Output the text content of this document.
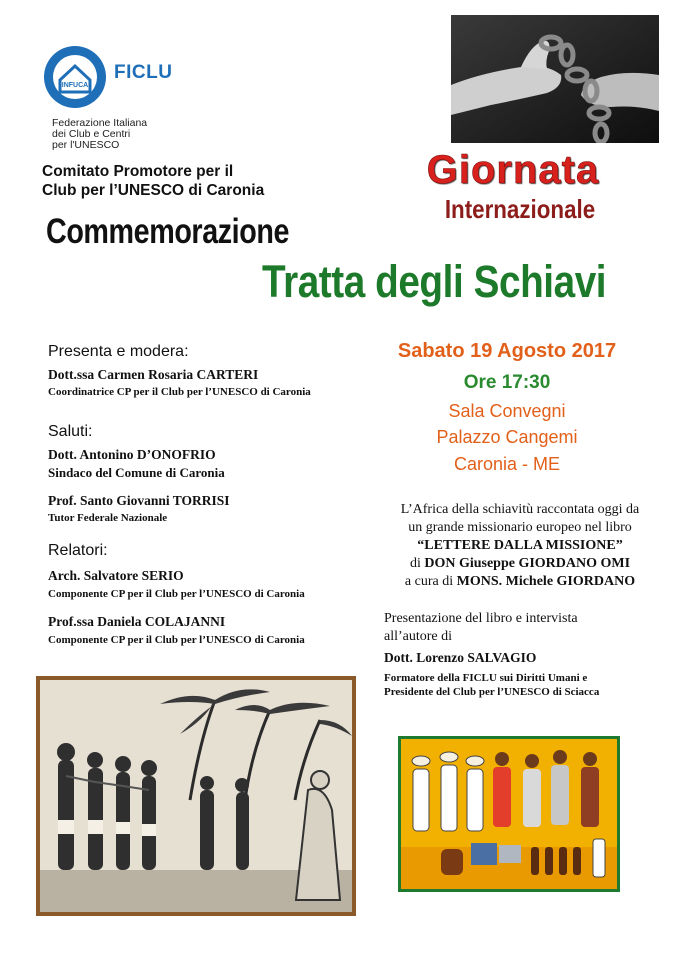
INFUCA
FICLU
Federazione Italiana
dei Club e Centri
per l'UNESCO
Comitato Promotore per il
Club per l’UNESCO di Caronia	Giornata
Internazionale
Commemorazione
Tratta degli Schiavi
Presenta e modera:
Dott.ssa Carmen Rosaria CARTERI
Coordinatrice CP per il Club per l’UNESCO di Caronia
Saluti:
Dott. Antonino D’ONOFRIO
Sindaco del Comune di Caronia
Prof. Santo Giovanni TORRISI
Tutor Federale Nazionale
Relatori:
Arch. Salvatore SERIO
Componente CP per il Club per l’UNESCO di Caronia
Prof.ssa Daniela COLAJANNI
Componente CP per il Club per l’UNESCO di Caronia
Sabato 19 Agosto 2017
Ore 17:30
Sala Convegni
Palazzo Cangemi
Caronia - ME
L’Africa della schiavitù raccontata oggi da
un grande missionario europeo nel libro
“LETTERE DALLA MISSIONE”
di DON Giuseppe GIORDANO OMI
a cura di MONS. Michele GIORDANO
Presentazione del libro e intervista
all’autore di
Dott. Lorenzo SALVAGIO
Formatore della FICLU sui Diritti Umani e
Presidente del Club per l’UNESCO di Sciacca
